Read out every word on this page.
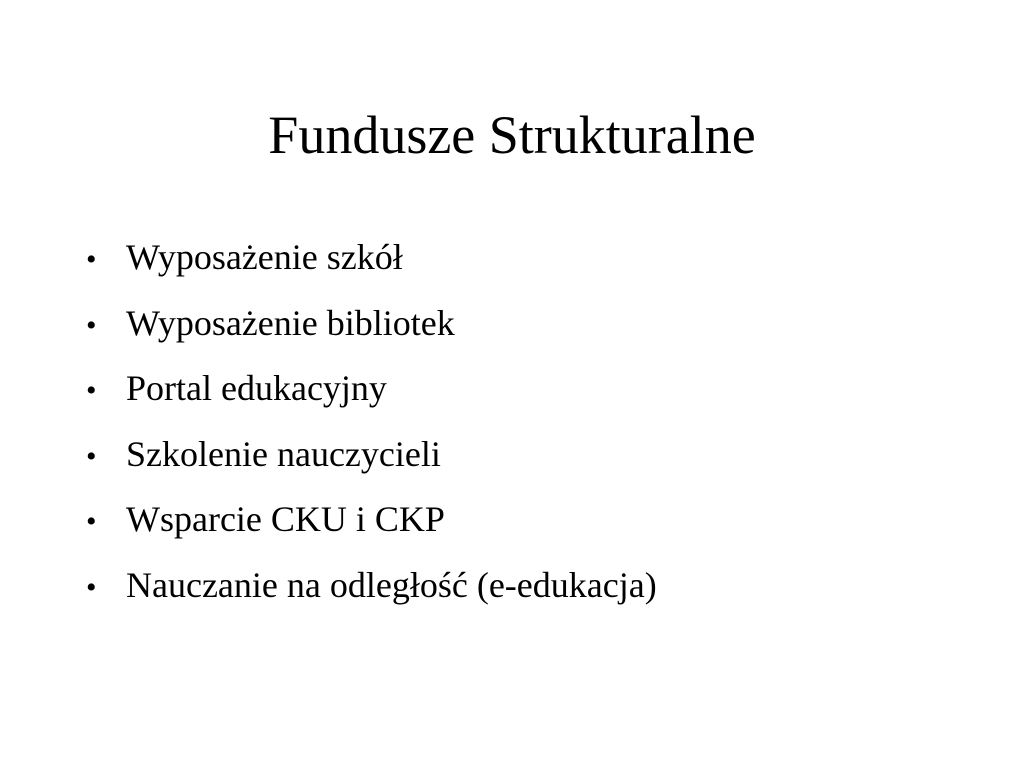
Fundusze Strukturalne
• Wyposażenie szkół
• Wyposażenie bibliotek
• Portal edukacyjny
• Szkolenie nauczycieli
• Wsparcie CKU i CKP
• Nauczanie na odległość (e-edukacja)
